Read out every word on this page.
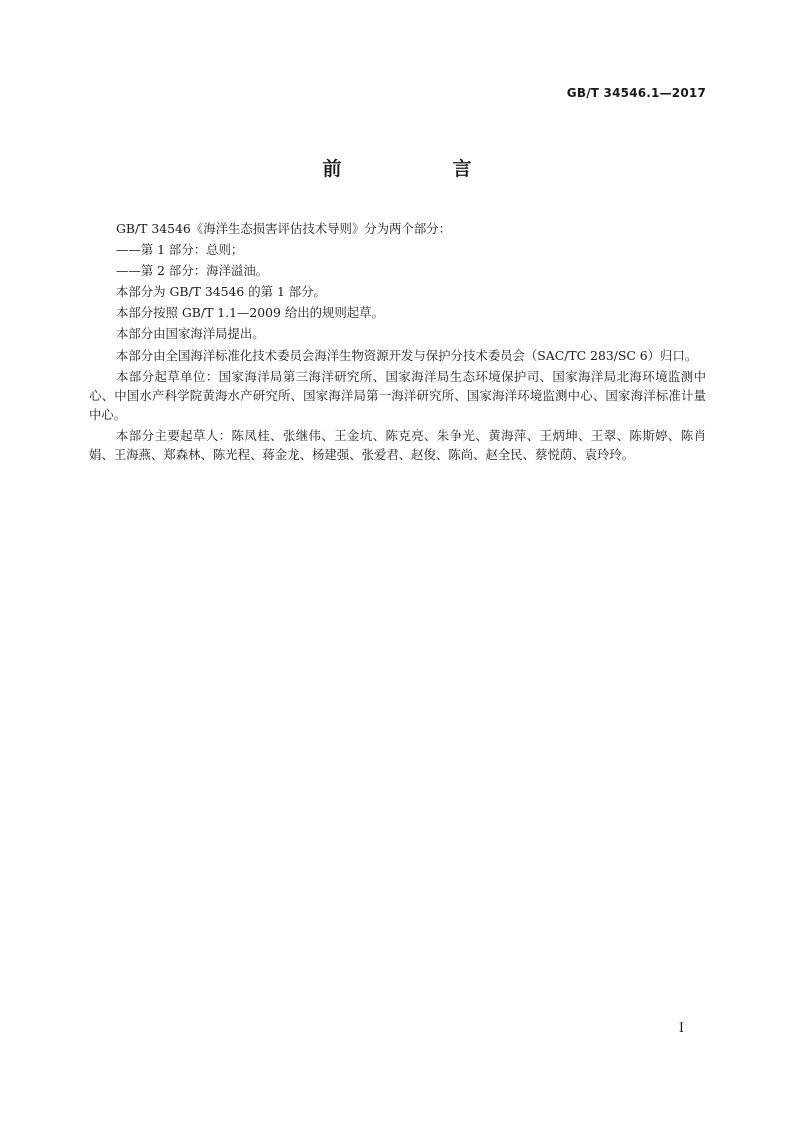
GB/T 34546.1—2017
前　言

GB/T 34546《海洋生态损害评估技术导则》分为两个部分：

——第 1 部分：总则；

——第 2 部分：海洋溢油。

本部分为 GB/T 34546 的第 1 部分。

本部分按照 GB/T 1.1—2009 给出的规则起草。

本部分由国家海洋局提出。

本部分由全国海洋标准化技术委员会海洋生物资源开发与保护分技术委员会（SAC/TC 283/SC 6）归口。

本部分起草单位：国家海洋局第三海洋研究所、国家海洋局生态环境保护司、国家海洋局北海环境监测中心、中国水产科学院黄海水产研究所、国家海洋局第一海洋研究所、国家海洋环境监测中心、国家海洋标准计量中心。

本部分主要起草人：陈凤桂、张继伟、王金坑、陈克亮、朱争光、黄海萍、王炳坤、王翠、陈斯婷、陈肖娟、王海燕、郑森林、陈光程、蒋金龙、杨建强、张爱君、赵俊、陈尚、赵全民、蔡悦荫、袁玲玲。

I
